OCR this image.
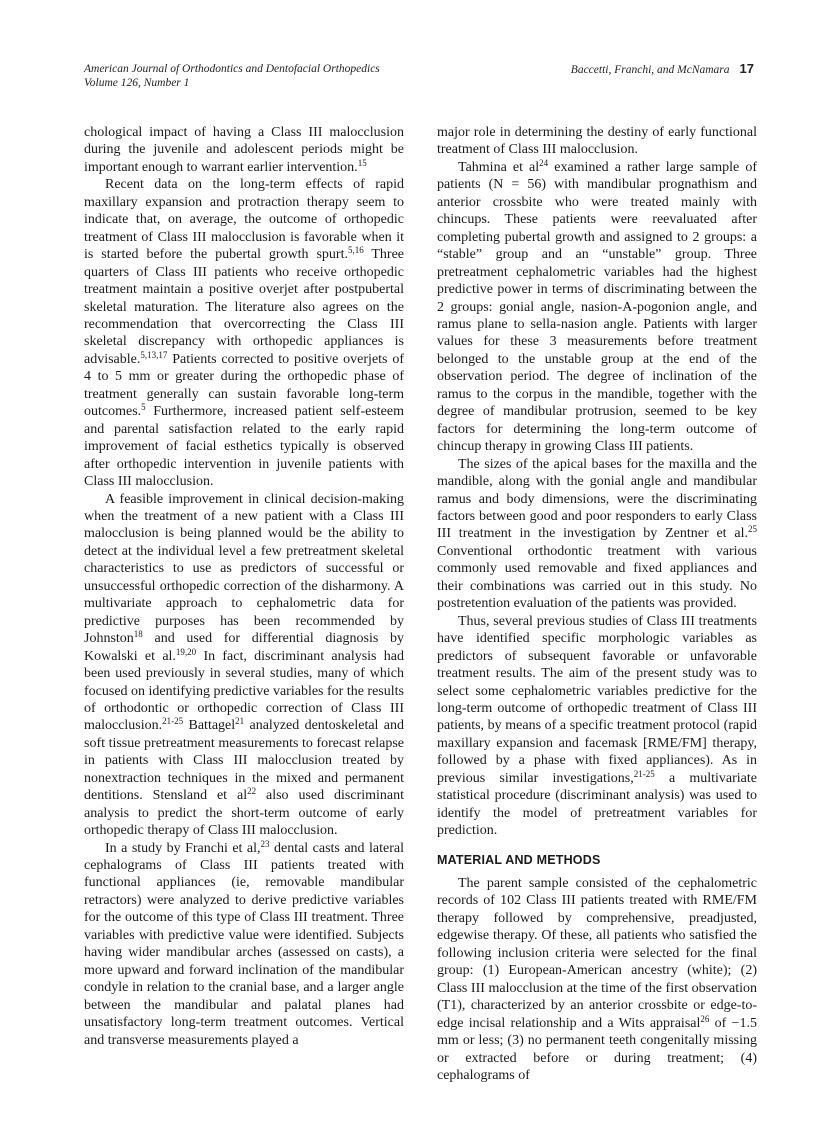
American Journal of Orthodontics and Dentofacial Orthopedics
Volume 126, Number 1
Baccetti, Franchi, and McNamara 17

chological impact of having a Class III malocclusion during the juvenile and adolescent periods might be important enough to warrant earlier intervention.$^{15}$

Recent data on the long-term effects of rapid maxillary expansion and protraction therapy seem to indicate that, on average, the outcome of orthopedic treatment of Class III malocclusion is favorable when it is started before the pubertal growth spurt.$^{5,16}$ Three quarters of Class III patients who receive orthopedic treatment maintain a positive overjet after postpubertal skeletal maturation. The literature also agrees on the recommendation that overcorrecting the Class III skeletal discrepancy with orthopedic appliances is advisable.$^{5,13,17}$ Patients corrected to positive overjets of 4 to 5 mm or greater during the orthopedic phase of treatment generally can sustain favorable long-term outcomes.$^5$ Furthermore, increased patient self-esteem and parental satisfaction related to the early rapid improvement of facial esthetics typically is observed after orthopedic intervention in juvenile patients with Class III malocclusion.

A feasible improvement in clinical decision-making when the treatment of a new patient with a Class III malocclusion is being planned would be the ability to detect at the individual level a few pretreatment skeletal characteristics to use as predictors of successful or unsuccessful orthopedic correction of the disharmony. A multivariate approach to cephalometric data for predictive purposes has been recommended by Johnston$^{18}$ and used for differential diagnosis by Kowalski et al.$^{19,20}$ In fact, discriminant analysis had been used previously in several studies, many of which focused on identifying predictive variables for the results of orthodontic or orthopedic correction of Class III malocclusion.$^{21-25}$ Battagel$^{21}$ analyzed dentoskeletal and soft tissue pretreatment measurements to forecast relapse in patients with Class III malocclusion treated by nonextraction techniques in the mixed and permanent dentitions. Stensland et $al^{22}$ also used discriminant analysis to predict the short-term outcome of early orthopedic therapy of Class III malocclusion.

In a study by Franchi et al,$^{23}$ dental casts and lateral cephalograms of Class III patients treated with functional appliances (ie, removable mandibular retractors) were analyzed to derive predictive variables for the outcome of this type of Class III treatment. Three variables with predictive value were identified. Subjects having wider mandibular arches (assessed on casts), a more upward and forward inclination of the mandibular condyle in relation to the cranial base, and a larger angle between the mandibular and palatal planes had unsatisfactory long-term treatment outcomes. Vertical and transverse measurements played a

major role in determining the destiny of early functional treatment of Class III malocclusion.

Tahmina et $al^{24}$ examined a rather large sample of patients (N = 56) with mandibular prognathism and anterior crossbite who were treated mainly with chincups. These patients were reevaluated after completing pubertal growth and assigned to 2 groups: a “stable” group and an “unstable” group. Three pretreatment cephalometric variables had the highest predictive power in terms of discriminating between the 2 groups: gonial angle, nasion-A-pogonion angle, and ramus plane to sella-nasion angle. Patients with larger values for these 3 measurements before treatment belonged to the unstable group at the end of the observation period. The degree of inclination of the ramus to the corpus in the mandible, together with the degree of mandibular protrusion, seemed to be key factors for determining the long-term outcome of chincup therapy in growing Class III patients.

The sizes of the apical bases for the maxilla and the mandible, along with the gonial angle and mandibular ramus and body dimensions, were the discriminating factors between good and poor responders to early Class III treatment in the investigation by Zentner et al.$^{25}$ Conventional orthodontic treatment with various commonly used removable and fixed appliances and their combinations was carried out in this study. No postretention evaluation of the patients was provided.

Thus, several previous studies of Class III treatments have identified specific morphologic variables as predictors of subsequent favorable or unfavorable treatment results. The aim of the present study was to select some cephalometric variables predictive for the long-term outcome of orthopedic treatment of Class III patients, by means of a specific treatment protocol (rapid maxillary expansion and facemask [RME/FM] therapy, followed by a phase with fixed appliances). As in previous similar investigations,$^{21-25}$ a multivariate statistical procedure (discriminant analysis) was used to identify the model of pretreatment variables for prediction.

MATERIAL AND METHODS

The parent sample consisted of the cephalometric records of 102 Class III patients treated with RME/FM therapy followed by comprehensive, preadjusted, edgewise therapy. Of these, all patients who satisfied the following inclusion criteria were selected for the final group: (1) European-American ancestry (white); (2) Class III malocclusion at the time of the first observation (T1), characterized by an anterior crossbite or edge-to-edge incisal relationship and a Wits appraisal$^{26}$ of −1.5 mm or less; (3) no permanent teeth congenitally missing or extracted before or during treatment; (4) cephalograms of
